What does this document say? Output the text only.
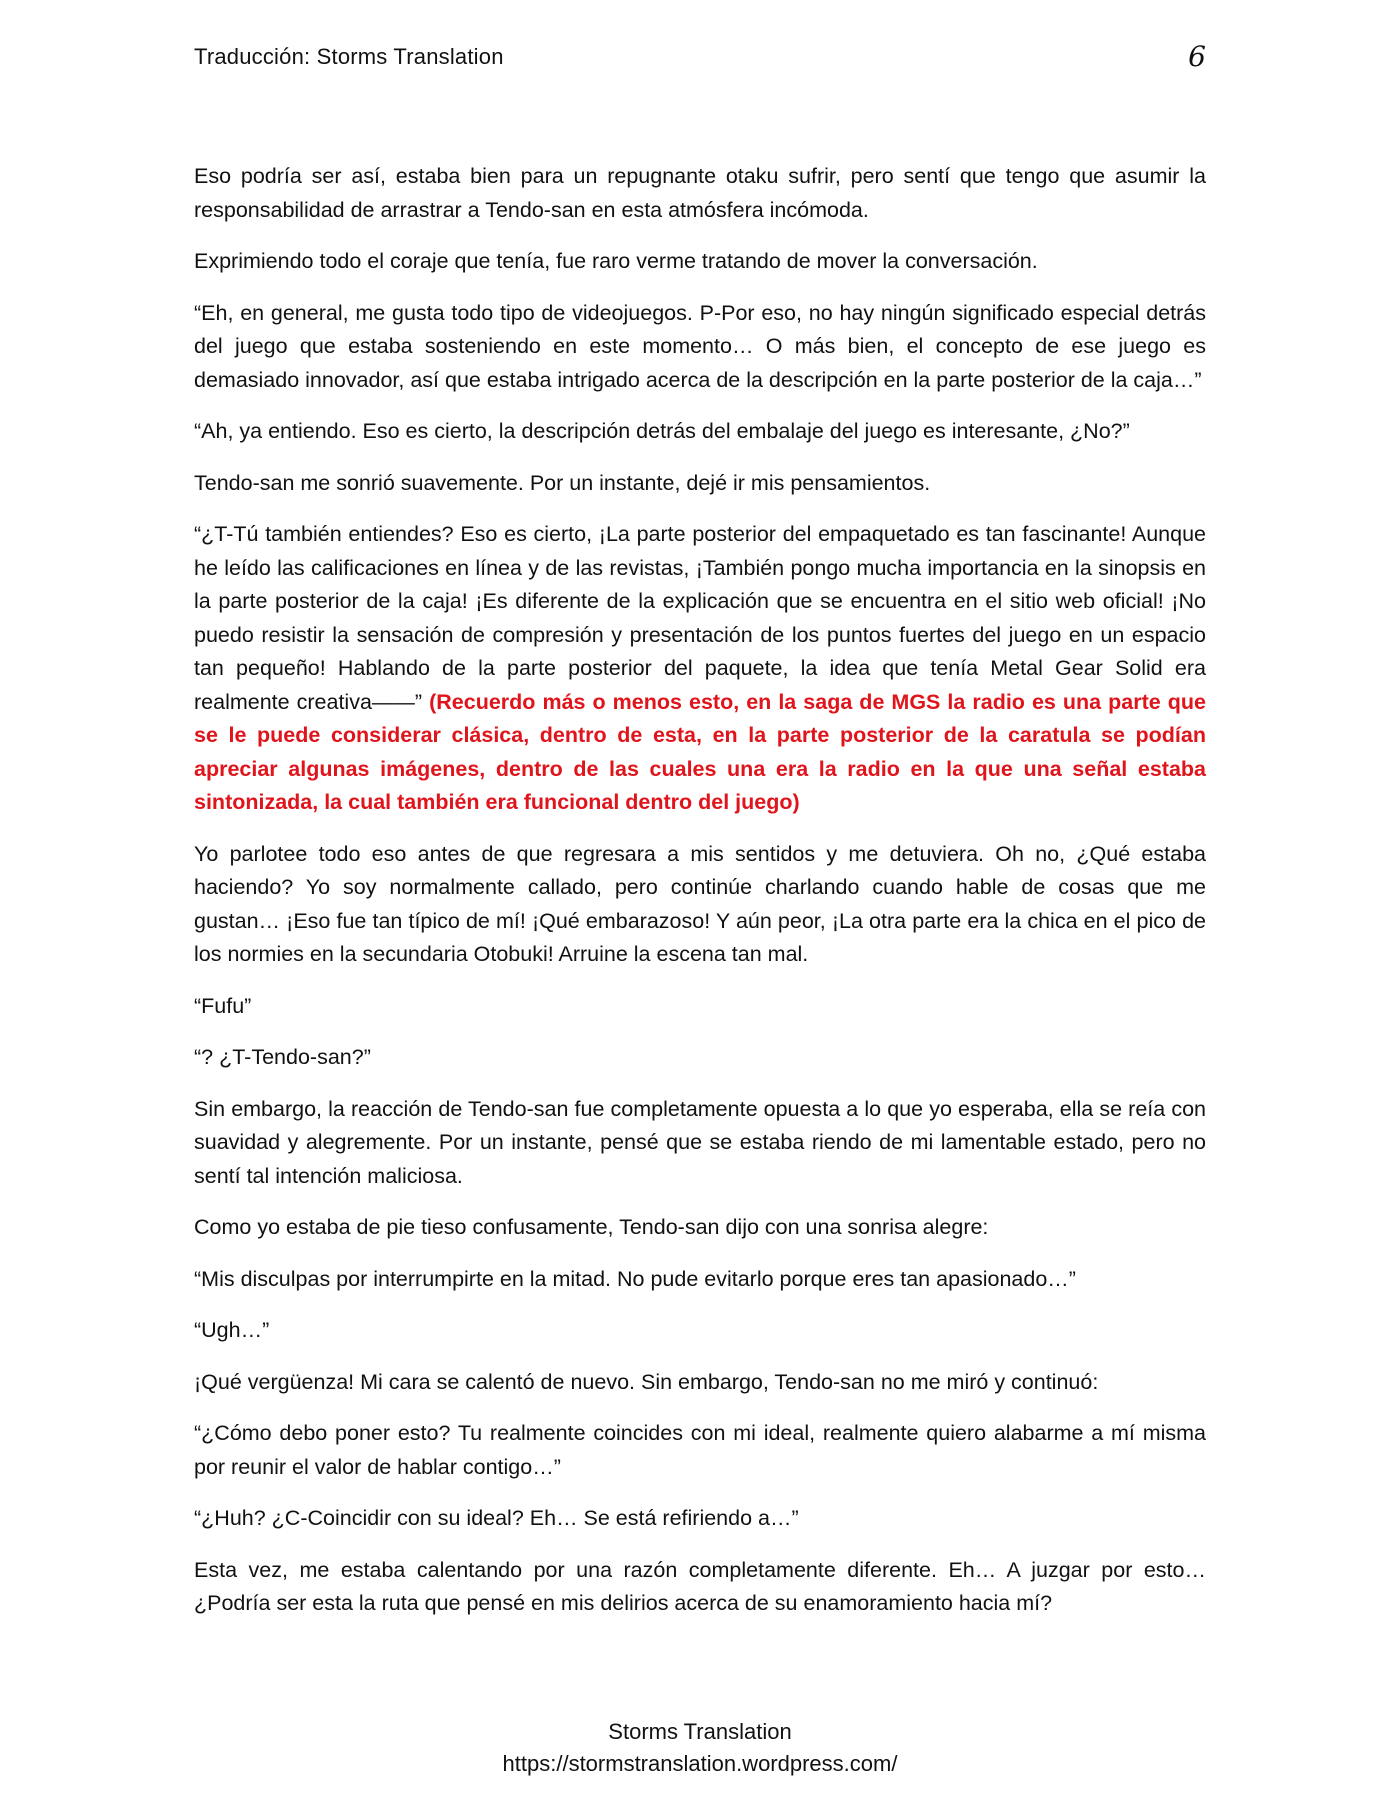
Traducción: Storms Translation	6

Eso podría ser así, estaba bien para un repugnante otaku sufrir, pero sentí que tengo que asumir la responsabilidad de arrastrar a Tendo-san en esta atmósfera incómoda.

Exprimiendo todo el coraje que tenía, fue raro verme tratando de mover la conversación.

“Eh, en general, me gusta todo tipo de videojuegos. P-Por eso, no hay ningún significado especial detrás del juego que estaba sosteniendo en este momento… O más bien, el concepto de ese juego es demasiado innovador, así que estaba intrigado acerca de la descripción en la parte posterior de la caja…”

“Ah, ya entiendo. Eso es cierto, la descripción detrás del embalaje del juego es interesante, ¿No?”

Tendo-san me sonrió suavemente. Por un instante, dejé ir mis pensamientos.

“¿T-Tú también entiendes? Eso es cierto, ¡La parte posterior del empaquetado es tan fascinante! Aunque he leído las calificaciones en línea y de las revistas, ¡También pongo mucha importancia en la sinopsis en la parte posterior de la caja! ¡Es diferente de la explicación que se encuentra en el sitio web oficial! ¡No puedo resistir la sensación de compresión y presentación de los puntos fuertes del juego en un espacio tan pequeño! Hablando de la parte posterior del paquete, la idea que tenía Metal Gear Solid era realmente creativa——” (Recuerdo más o menos esto, en la saga de MGS la radio es una parte que se le puede considerar clásica, dentro de esta, en la parte posterior de la caratula se podían apreciar algunas imágenes, dentro de las cuales una era la radio en la que una señal estaba sintonizada, la cual también era funcional dentro del juego)

Yo parlotee todo eso antes de que regresara a mis sentidos y me detuviera. Oh no, ¿Qué estaba haciendo? Yo soy normalmente callado, pero continúe charlando cuando hable de cosas que me gustan… ¡Eso fue tan típico de mí! ¡Qué embarazoso! Y aún peor, ¡La otra parte era la chica en el pico de los normies en la secundaria Otobuki! Arruine la escena tan mal.

“Fufu”

“? ¿T-Tendo-san?”

Sin embargo, la reacción de Tendo-san fue completamente opuesta a lo que yo esperaba, ella se reía con suavidad y alegremente. Por un instante, pensé que se estaba riendo de mi lamentable estado, pero no sentí tal intención maliciosa.

Como yo estaba de pie tieso confusamente, Tendo-san dijo con una sonrisa alegre:

“Mis disculpas por interrumpirte en la mitad. No pude evitarlo porque eres tan apasionado…”

“Ugh…”

¡Qué vergüenza! Mi cara se calentó de nuevo. Sin embargo, Tendo-san no me miró y continuó:

“¿Cómo debo poner esto? Tu realmente coincides con mi ideal, realmente quiero alabarme a mí misma por reunir el valor de hablar contigo…”

“¿Huh? ¿C-Coincidir con su ideal? Eh… Se está refiriendo a…”

Esta vez, me estaba calentando por una razón completamente diferente. Eh… A juzgar por esto… ¿Podría ser esta la ruta que pensé en mis delirios acerca de su enamoramiento hacia mí?

Storms Translation
https://stormstranslation.wordpress.com/
